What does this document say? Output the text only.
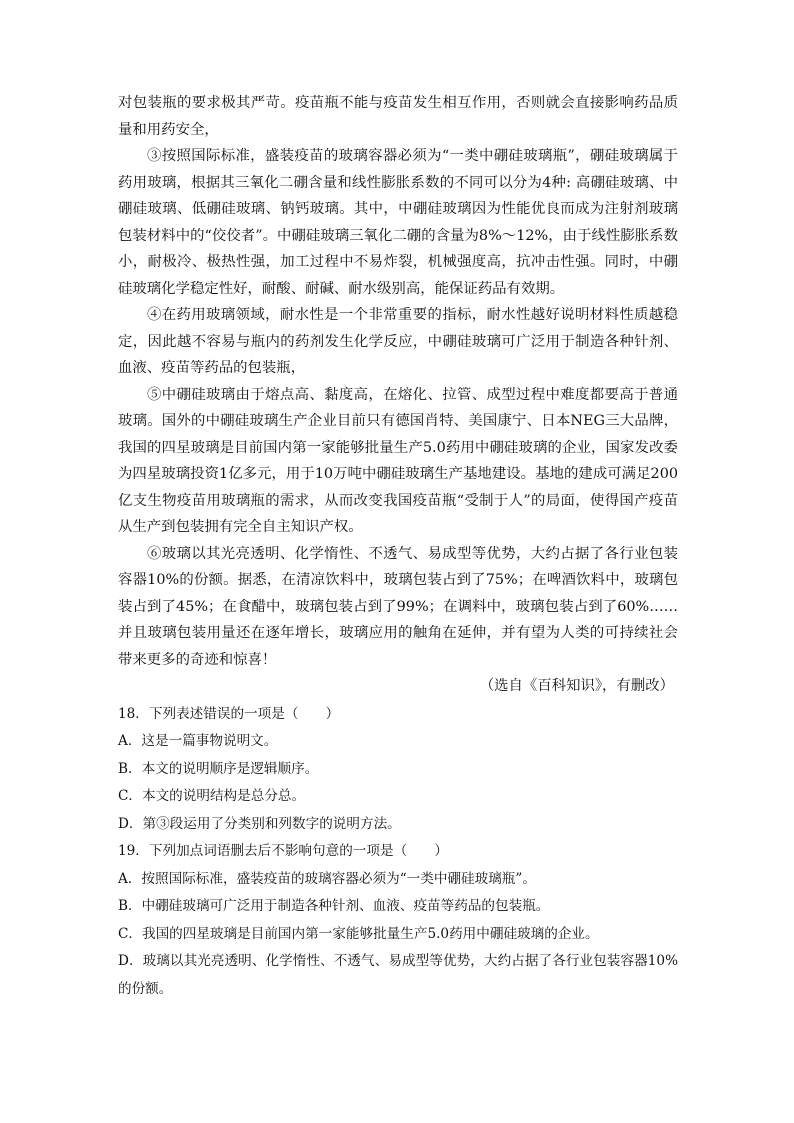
对包装瓶的要求极其严苛。疫苗瓶不能与疫苗发生相互作用，否则就会直接影响药品质量和用药安全，

③按照国际标准，盛装疫苗的玻璃容器必须为“一类中硼硅玻璃瓶”，硼硅玻璃属于药用玻璃，根据其三氧化二硼含量和线性膨胀系数的不同可以分为4种: 高硼硅玻璃、中硼硅玻璃、低硼硅玻璃、钠钙玻璃。其中，中硼硅玻璃因为性能优良而成为注射剂玻璃包装材料中的“佼佼者”。中硼硅玻璃三氧化二硼的含量为8%～12%，由于线性膨胀系数小，耐极冷、极热性强，加工过程中不易炸裂，机械强度高，抗冲击性强。同时，中硼硅玻璃化学稳定性好，耐酸、耐碱、耐水级别高，能保证药品有效期。

④在药用玻璃领域，耐水性是一个非常重要的指标，耐水性越好说明材料性质越稳定，因此越不容易与瓶内的药剂发生化学反应，中硼硅玻璃可广泛用于制造各种针剂、血液、疫苗等药品的包装瓶，

⑤中硼硅玻璃由于熔点高、黏度高，在熔化、拉管、成型过程中难度都要高于普通玻璃。国外的中硼硅玻璃生产企业目前只有德国肖特、美国康宁、日本NEG三大品牌，我国的四星玻璃是目前国内第一家能够批量生产5.0药用中硼硅玻璃的企业，国家发改委为四星玻璃投资1亿多元，用于10万吨中硼硅玻璃生产基地建设。基地的建成可满足200亿支生物疫苗用玻璃瓶的需求，从而改变我国疫苗瓶“受制于人”的局面，使得国产疫苗从生产到包装拥有完全自主知识产权。

⑥玻璃以其光亮透明、化学惰性、不透气、易成型等优势，大约占据了各行业包装容器10%的份额。据悉，在清凉饮料中，玻璃包装占到了75%；在啤酒饮料中，玻璃包装占到了45%；在食醋中，玻璃包装占到了99%；在调料中，玻璃包装占到了60%……并且玻璃包装用量还在逐年增长，玻璃应用的触角在延伸，并有望为人类的可持续社会带来更多的奇迹和惊喜！

（选自《百科知识》，有删改）

18．下列表述错误的一项是（　　）

A．这是一篇事物说明文。

B．本文的说明顺序是逻辑顺序。

C．本文的说明结构是总分总。

D．第③段运用了分类别和列数字的说明方法。

19．下列加点词语删去后不影响句意的一项是（　　）

A．按照国际标准，盛装疫苗的玻璃容器必须为“一类中硼硅玻璃瓶”。

B．中硼硅玻璃可广泛用于制造各种针剂、血液、疫苗等药品的包装瓶。

C．我国的四星玻璃是目前国内第一家能够批量生产5.0药用中硼硅玻璃的企业。

D．玻璃以其光亮透明、化学惰性、不透气、易成型等优势，大约占据了各行业包装容器10%的份额。
